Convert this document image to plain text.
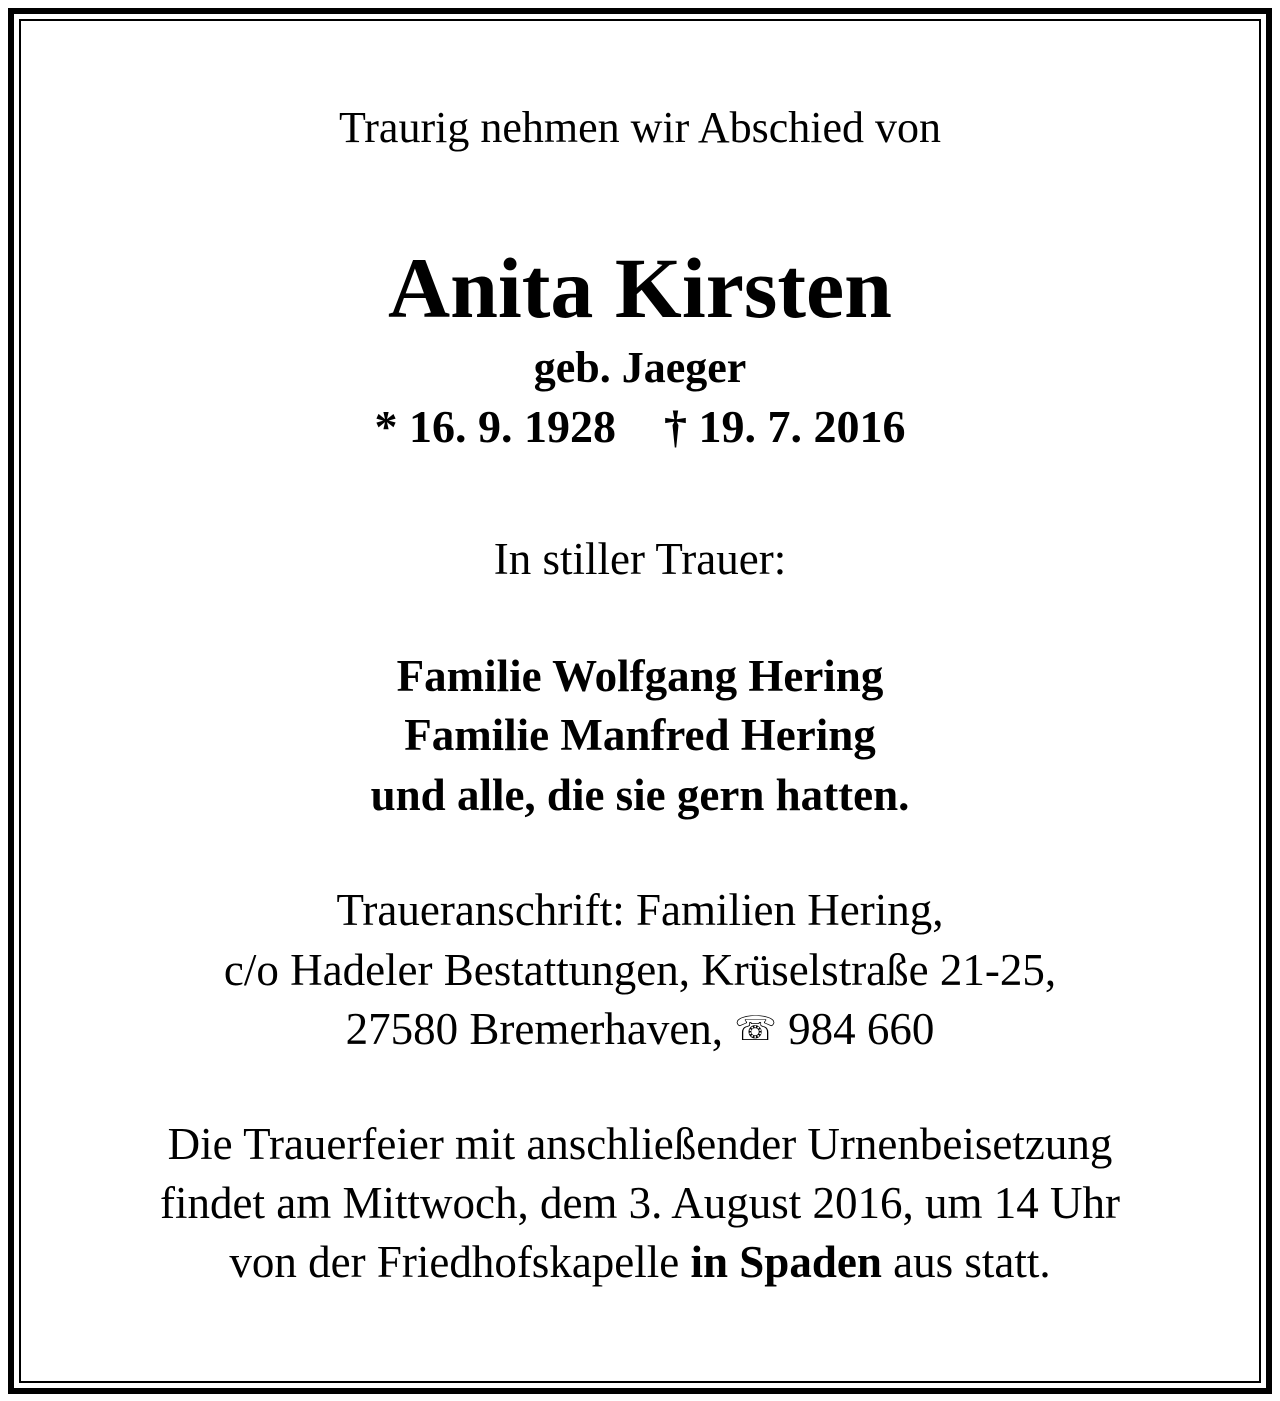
Traurig nehmen wir Abschied von
Anita Kirsten
geb. Jaeger
* 16. 9. 1928 † 19. 7. 2016
In stiller Trauer:
Familie Wolfgang Hering
Familie Manfred Hering
und alle, die sie gern hatten.
Traueranschrift: Familien Hering,
c/o Hadeler Bestattungen, Krüselstraße 21-25,
27580 Bremerhaven, ☏ 984 660
Die Trauerfeier mit anschließender Urnenbeisetzung
findet am Mittwoch, dem 3. August 2016, um 14 Uhr
von der Friedhofskapelle in Spaden aus statt.
